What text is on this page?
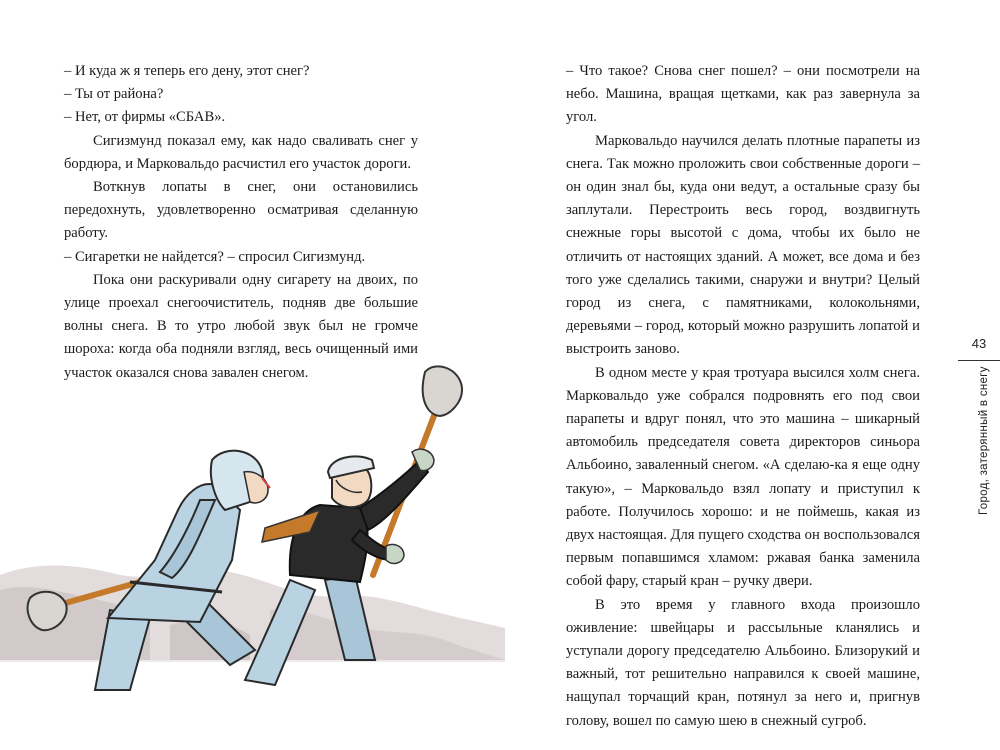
– И куда ж я теперь его дену, этот снег?

– Ты от района?

– Нет, от фирмы «СБАВ».

Сигизмунд показал ему, как надо сваливать снег у бордюра, и Марковальдо расчистил его участок дороги.

Воткнув лопаты в снег, они остановились передохнуть, удовлетворенно осматривая сделанную работу.

– Сигаретки не найдется? – спросил Сигизмунд.

Пока они раскуривали одну сигарету на двоих, по улице проехал снегоочиститель, подняв две большие волны снега. В то утро любой звук был не громче шороха: когда оба подняли взгляд, весь очищенный ими участок оказался снова завален снегом.

– Что такое? Снова снег пошел? – они посмотрели на небо. Машина, вращая щетками, как раз завернула за угол.

Марковальдо научился делать плотные парапеты из снега. Так можно проложить свои собственные дороги – он один знал бы, куда они ведут, а остальные сразу бы заплутали. Перестроить весь город, воздвигнуть снежные горы высотой с дома, чтобы их было не отличить от настоящих зданий. А может, все дома и без того уже сделались такими, снаружи и внутри? Целый город из снега, с памятниками, колокольнями, деревьями – город, который можно разрушить лопатой и выстроить заново.

В одном месте у края тротуара высился холм снега. Марковальдо уже собрался подровнять его под свои парапеты и вдруг понял, что это машина – шикарный автомобиль председателя совета директоров синьора Альбоино, заваленный снегом. «А сделаю-ка я еще одну такую», – Марковальдо взял лопату и приступил к работе. Получилось хорошо: и не поймешь, какая из двух настоящая. Для пущего сходства он воспользовался первым попавшимся хламом: ржавая банка заменила собой фару, старый кран – ручку двери.

В это время у главного входа произошло оживление: швейцары и рассыльные кланялись и уступали дорогу председателю Альбоино. Близорукий и важный, тот решительно направился к своей машине, нащупал торчащий кран, потянул за него и, пригнув голову, вошел по самую шею в снежный сугроб.

43
Город, затерянный в снегу
